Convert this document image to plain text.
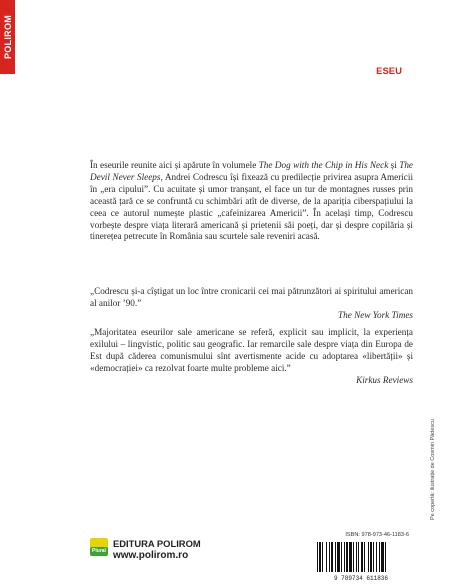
POLIROM
ESEU

În eseurile reunite aici și apărute în volumele The Dog with the Chip in His Neck și The Devil Never Sleeps, Andrei Codrescu își fixează cu predilecție privirea asupra Americii în „era cipului”. Cu acuitate și umor tranșant, el face un tur de montagnes russes prin această țară ce se confruntă cu schimbări atît de diverse, de la apariția ciberspațiului la ceea ce autorul numește plastic „cafeinizarea Americii”. În același timp, Codrescu vorbește despre viața literară americană și prietenii săi poeți, dar și despre copilăria și tinerețea petrecute în România sau scurtele sale reveniri acasă.

„Codrescu și-a cîștigat un loc între cronicarii cei mai pătrunzători ai spiritului american al anilor ’90.”

The New York Times

„Majoritatea eseurilor sale americane se referă, explicit sau implicit, la experiența exilului – lingvistic, politic sau geografic. Iar remarcile sale despre viața din Europa de Est după căderea comunismului sînt avertismente acide cu adoptarea «libertății» și «democrației» ca rezolvat foarte multe probleme aici.”

Kirkus Reviews

Plural
EDITURA POLIROM
www.polirom.ro
ISBN: 978-973-46-1183-6
9 789734 611836
Pe copertă: ilustrație de Cosmin Pădescu
